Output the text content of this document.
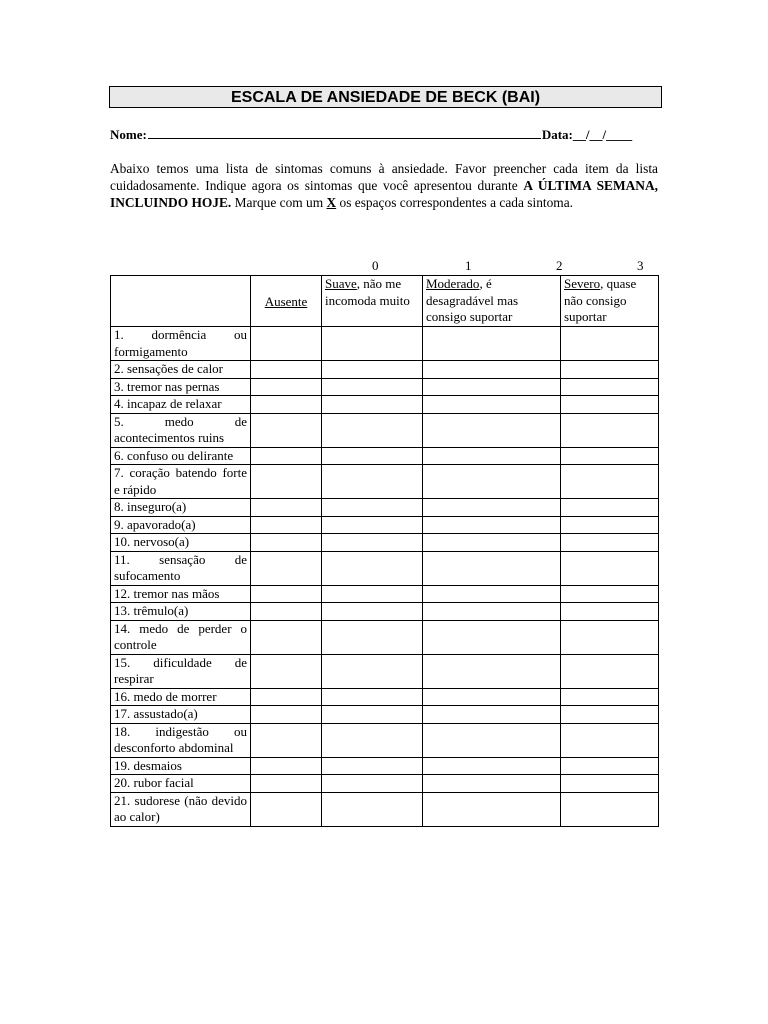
ESCALA DE ANSIEDADE DE BECK (BAI)
Nome:	Data: __/__/____
Abaixo temos uma lista de sintomas comuns à ansiedade. Favor preencher cada item da lista cuidadosamente. Indique agora os sintomas que você apresentou durante A ÚLTIMA SEMANA, INCLUINDO HOJE. Marque com um X os espaços correspondentes a cada sintoma.
0	1	2	3
	Ausente	Suave, não me incomoda muito	Moderado, é desagradável mas consigo suportar	Severo, quase não consigo suportar
1. dormência ou formigamento				
2. sensações de calor				
3. tremor nas pernas				
4. incapaz de relaxar				
5. medo de acontecimentos ruins				
6. confuso ou delirante				
7. coração batendo forte e rápido				
8. inseguro(a)				
9. apavorado(a)				
10. nervoso(a)				
11. sensação de sufocamento				
12. tremor nas mãos				
13. trêmulo(a)				
14. medo de perder o controle				
15. dificuldade de respirar				
16. medo de morrer				
17. assustado(a)				
18. indigestão ou desconforto abdominal				
19. desmaios				
20. rubor facial				
21. sudorese (não devido ao calor)				
